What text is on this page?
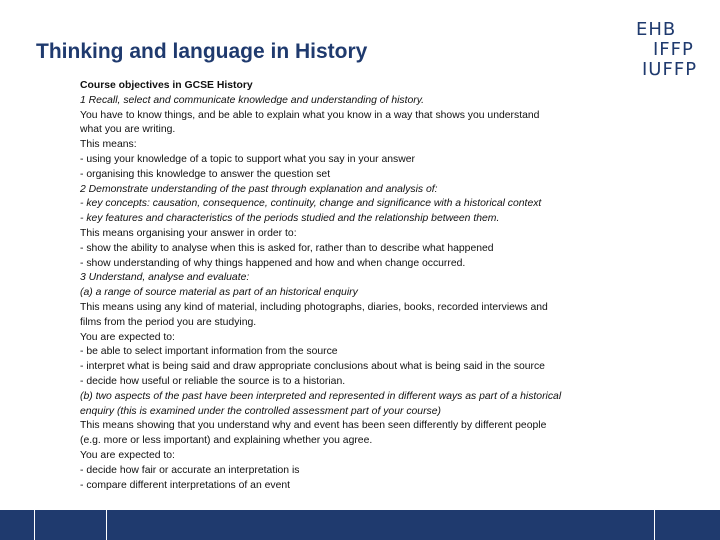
Thinking and language in History
EHB
IFFP
IUFFP
Course objectives in GCSE History
1 Recall, select and communicate knowledge and understanding of history.
You have to know things, and be able to explain what you know in a way that shows you understand
what you are writing.
This means:
- using your knowledge of a topic to support what you say in your answer
- organising this knowledge to answer the question set
2 Demonstrate understanding of the past through explanation and analysis of:
- key concepts: causation, consequence, continuity, change and significance with a historical context
- key features and characteristics of the periods studied and the relationship between them.
This means organising your answer in order to:
- show the ability to analyse when this is asked for, rather than to describe what happened
- show understanding of why things happened and how and when change occurred.
3 Understand, analyse and evaluate:
(a) a range of source material as part of an historical enquiry
This means using any kind of material, including photographs, diaries, books, recorded interviews and
films from the period you are studying.
You are expected to:
- be able to select important information from the source
- interpret what is being said and draw appropriate conclusions about what is being said in the source
- decide how useful or reliable the source is to a historian.
(b) two aspects of the past have been interpreted and represented in different ways as part of a historical
enquiry (this is examined under the controlled assessment part of your course)
This means showing that you understand why and event has been seen differently by different people
(e.g. more or less important) and explaining whether you agree.
You are expected to:
- decide how fair or accurate an interpretation is
- compare different interpretations of an event
